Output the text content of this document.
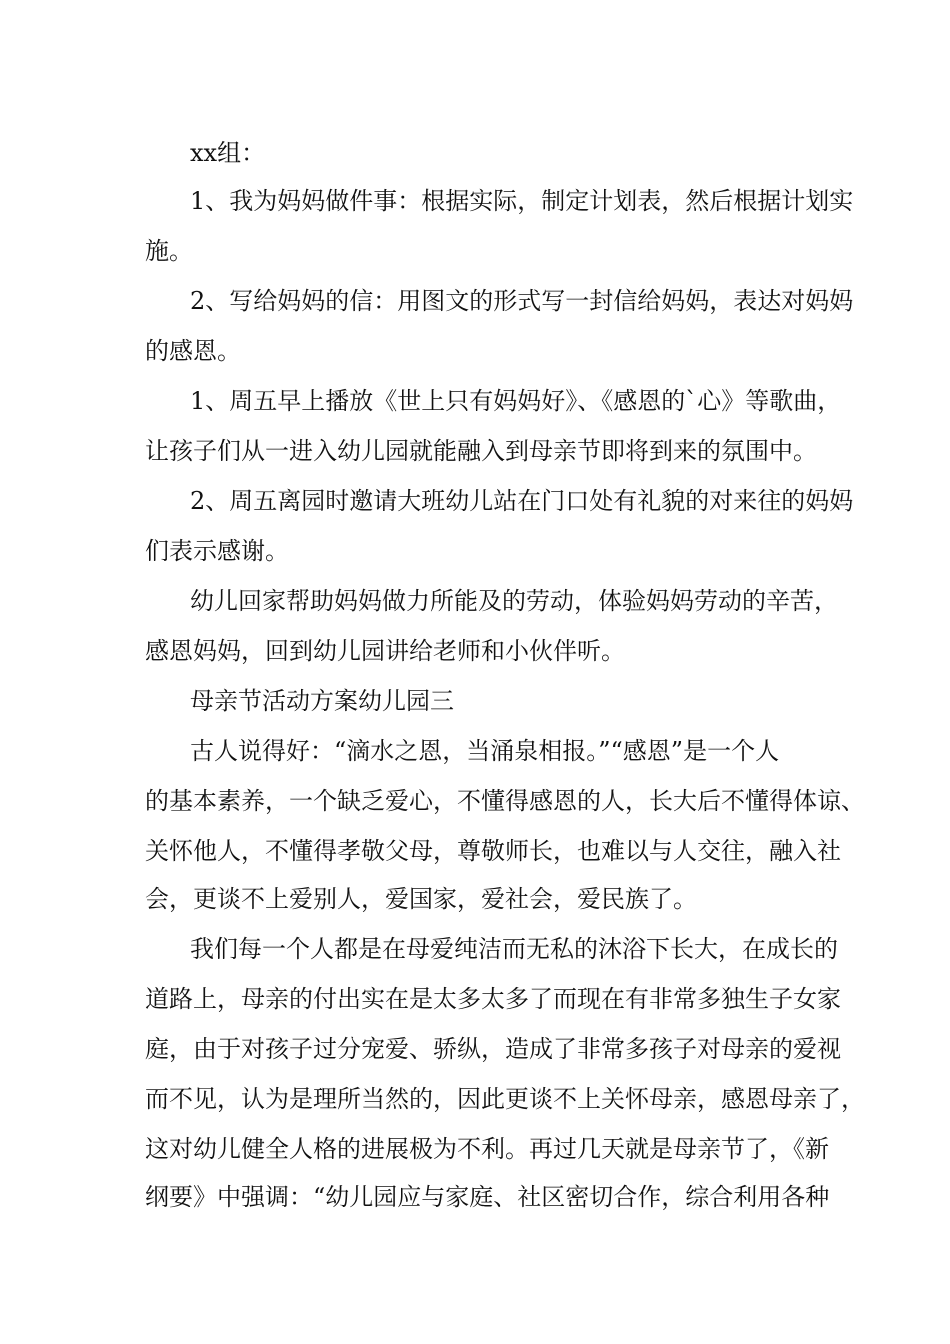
xx组：
1、我为妈妈做件事：根据实际，制定计划表，然后根据计划实
施。
2、写给妈妈的信：用图文的形式写一封信给妈妈，表达对妈妈
的感恩。
1、周五早上播放《世上只有妈妈好》、《感恩的`心》等歌曲，
让孩子们从一进入幼儿园就能融入到母亲节即将到来的氛围中。
2、周五离园时邀请大班幼儿站在门口处有礼貌的对来往的妈妈
们表示感谢。
幼儿回家帮助妈妈做力所能及的劳动，体验妈妈劳动的辛苦，
感恩妈妈，回到幼儿园讲给老师和小伙伴听。
母亲节活动方案幼儿园三
古人说得好：“滴水之恩，当涌泉相报。”“感恩”是一个人
的基本素养，一个缺乏爱心，不懂得感恩的人，长大后不懂得体谅、
关怀他人，不懂得孝敬父母，尊敬师长，也难以与人交往，融入社
会，更谈不上爱别人，爱国家，爱社会，爱民族了。
我们每一个人都是在母爱纯洁而无私的沐浴下长大，在成长的
道路上，母亲的付出实在是太多太多了而现在有非常多独生子女家
庭，由于对孩子过分宠爱、骄纵，造成了非常多孩子对母亲的爱视
而不见，认为是理所当然的，因此更谈不上关怀母亲，感恩母亲了，
这对幼儿健全人格的进展极为不利。再过几天就是母亲节了，《新
纲要》中强调：“幼儿园应与家庭、社区密切合作，综合利用各种
